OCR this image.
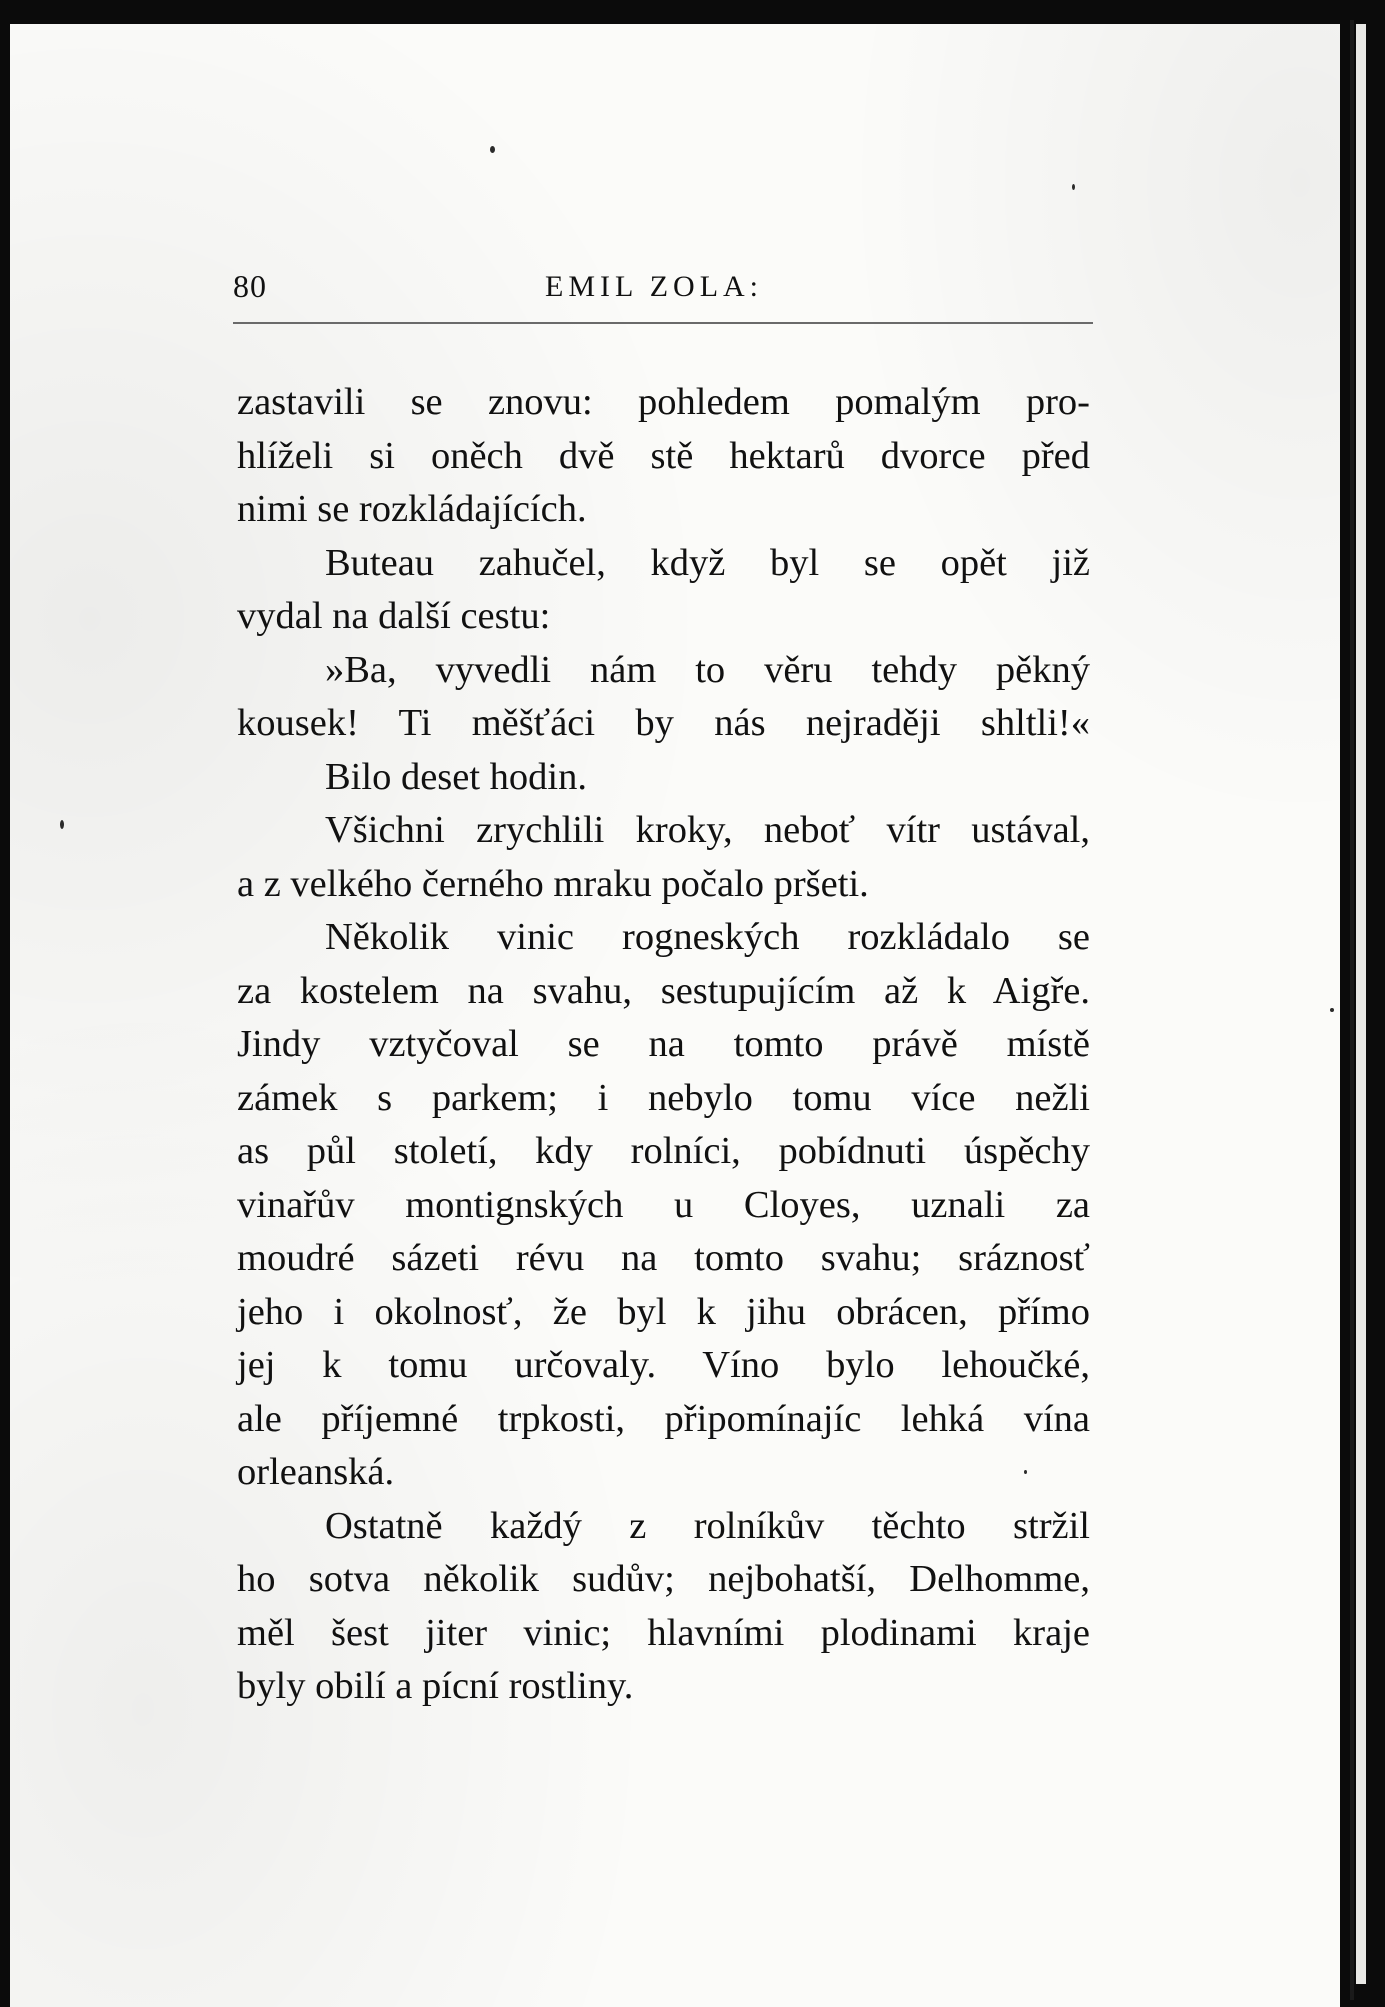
80	EMIL ZOLA:
zastavili se znovu: pohledem pomalým pro-
hlíželi si oněch dvě stě hektarů dvorce před
nimi se rozkládajících.
Buteau zahučel, když byl se opět již
vydal na další cestu:
»Ba, vyvedli nám to věru tehdy pěkný
kousek! Ti měšťáci by nás nejraději shltli!«
Bilo deset hodin.
Všichni zrychlili kroky, neboť vítr ustával,
a z velkého černého mraku počalo pršeti.
Několik vinic rogneských rozkládalo se
za kostelem na svahu, sestupujícím až k Aigře.
Jindy vztyčoval se na tomto právě místě
zámek s parkem; i nebylo tomu více nežli
as půl století, kdy rolníci, pobídnuti úspěchy
vinařův montignských u Cloyes, uznali za
moudré sázeti révu na tomto svahu; sráznosť
jeho i okolnosť, že byl k jihu obrácen, přímo
jej k tomu určovaly. Víno bylo lehoučké,
ale příjemné trpkosti, připomínajíc lehká vína
orleanská.
Ostatně každý z rolníkův těchto stržil
ho sotva několik sudův; nejbohatší, Delhomme,
měl šest jiter vinic; hlavními plodinami kraje
byly obilí a pícní rostliny.
